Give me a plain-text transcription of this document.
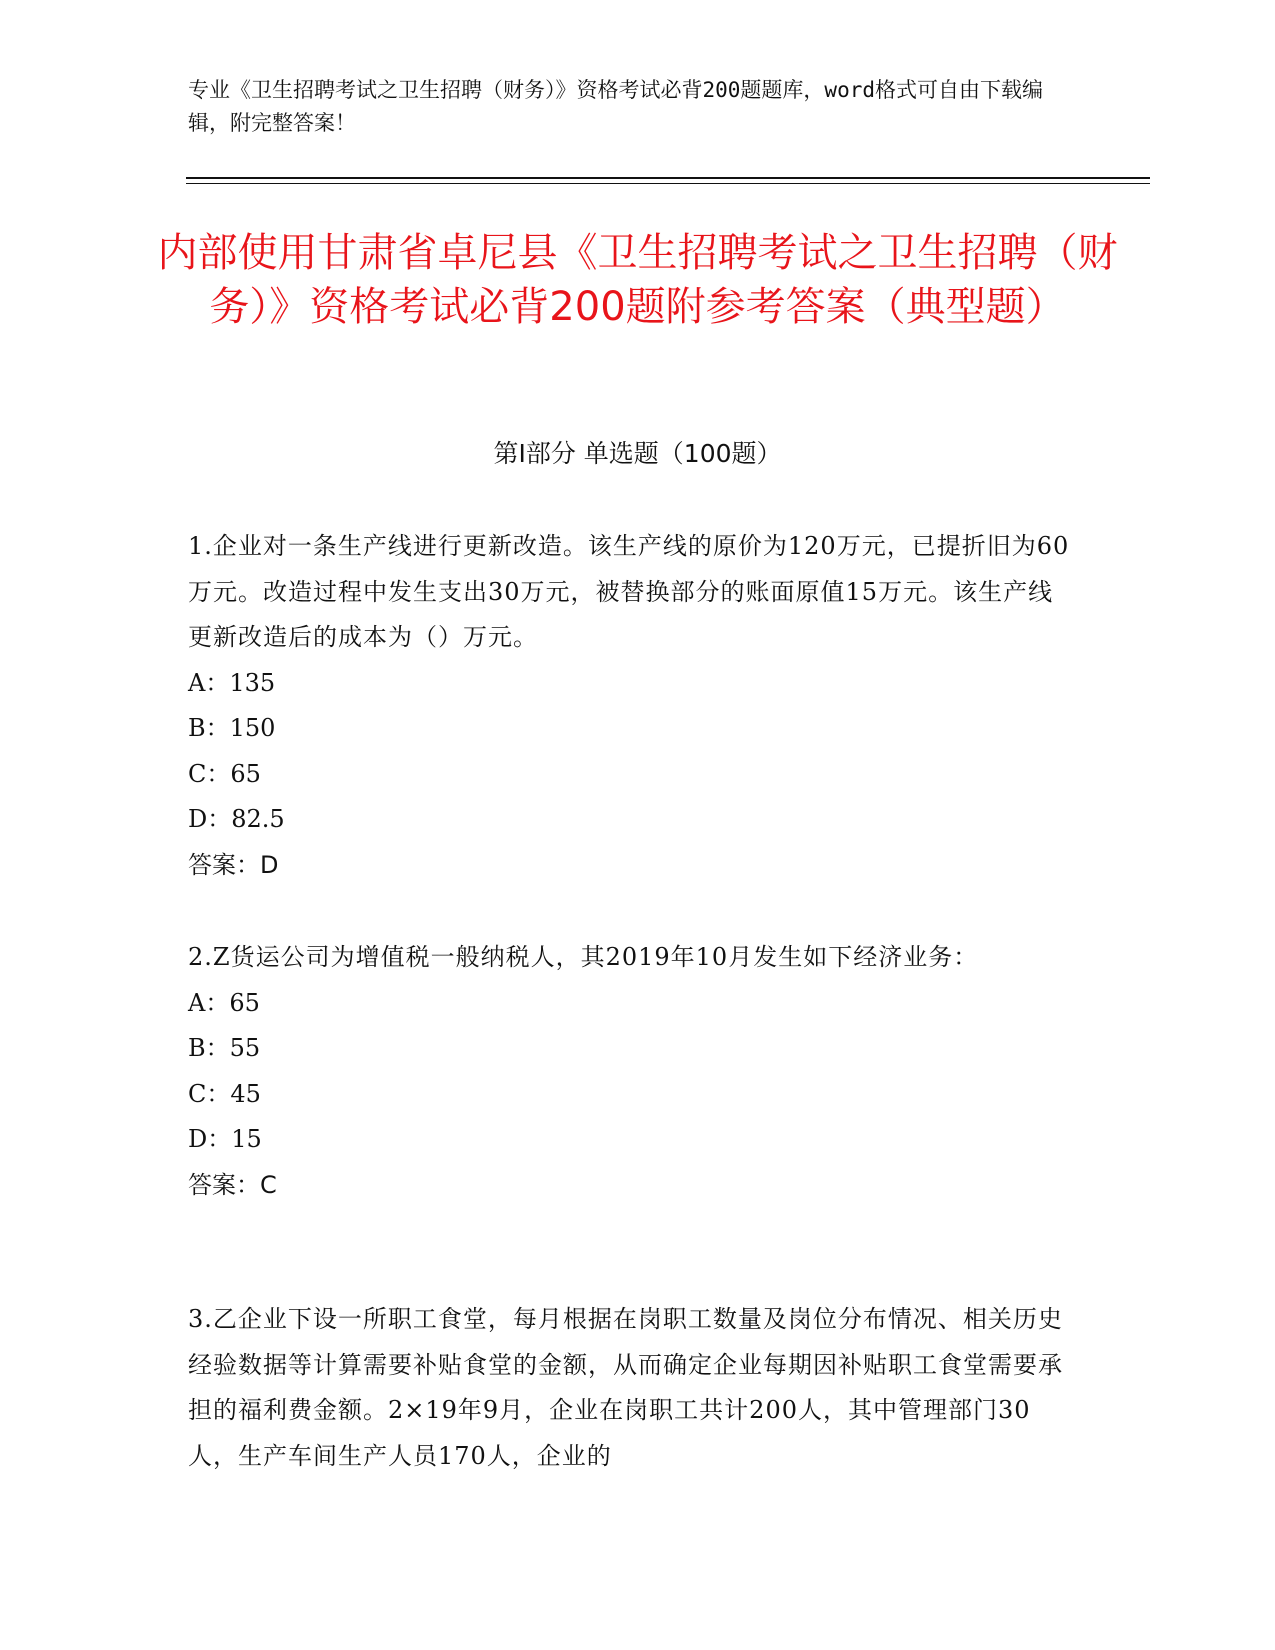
专业《卫生招聘考试之卫生招聘（财务）》资格考试必背200题题库，word格式可自由下载编辑，附完整答案！
内部使用甘肃省卓尼县《卫生招聘考试之卫生招聘（财务）》资格考试必背200题附参考答案（典型题）
第Ⅰ部分 单选题（100题）
1.企业对一条生产线进行更新改造。该生产线的原价为120万元，已提折旧为60万元。改造过程中发生支出30万元，被替换部分的账面原值15万元。该生产线更新改造后的成本为（）万元。
A：135
B：150
C：65
D：82.5
答案：D
2.Z货运公司为增值税一般纳税人，其2019年10月发生如下经济业务：
A：65
B：55
C：45
D：15
答案：C
3.乙企业下设一所职工食堂，每月根据在岗职工数量及岗位分布情况、相关历史经验数据等计算需要补贴食堂的金额，从而确定企业每期因补贴职工食堂需要承担的福利费金额。2×19年9月，企业在岗职工共计200人，其中管理部门30人，生产车间生产人员170人，企业的
